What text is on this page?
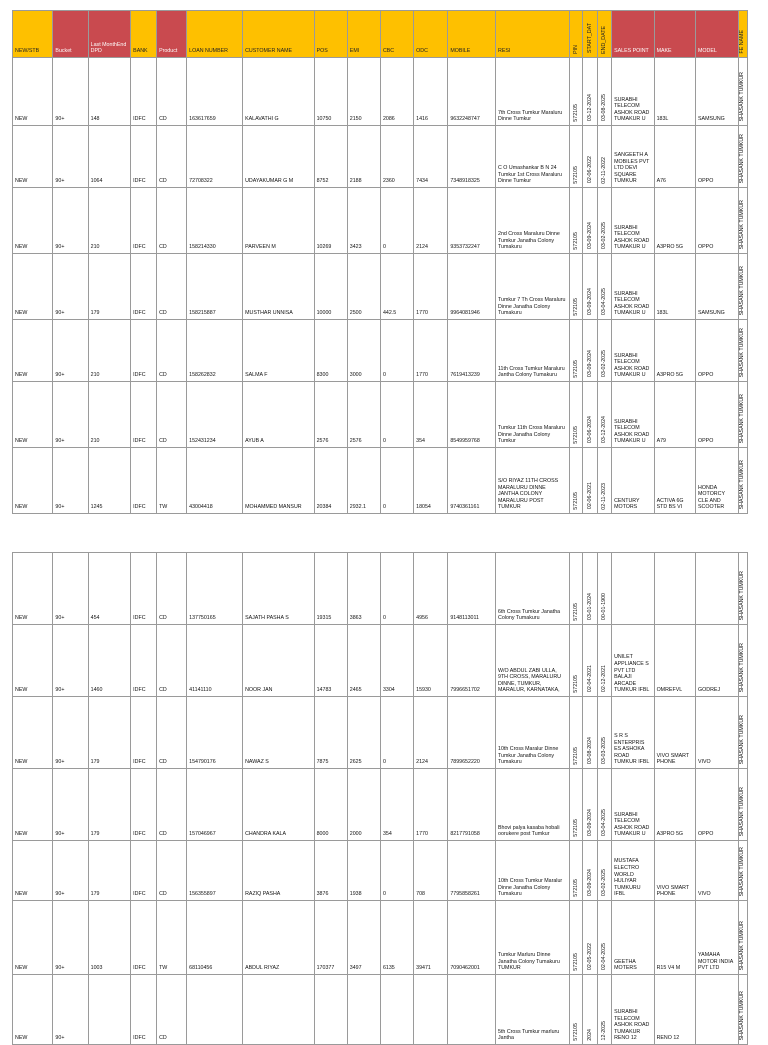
NEW/STB	Bucket	Last MonthEnd DPD	BANK	Product	LOAN NUMBER	CUSTOMER NAME	POS	EMI	CBC	ODC	MOBILE	RESI	PIN	START_DAT	END_DATE	SALES POINT	MAKE	MODEL	FE NAME
NEW	90+	148	IDFC	CD	163617659	KALAVATHI G	10750	2150	2086	1416	9632248747	7th Cross Tumkur Maraluru Dinne Tumkur	572105	03-12-2024	03-08-2025	SURABHI TELECOM ASHOK ROAD TUMAKUR U	183L	SAMSUNG	SHASANK TUMKUR
NEW	90+	1064	IDFC	CD	72708322	UDAYAKUMAR G M	8752	2188	2360	7434	7348918325	C O Umashankar B N 24 Tumkur 1st Cross Maraluru Dinne Tumkur	572105	02-06-2022	02-11-2022	SANGEETH A MOBILES PVT LTD DEVI SQUARE TUMKUR	A76	OPPO	SHASANK TUMKUR
NEW	90+	210	IDFC	CD	158214330	PARVEEN M	10269	3423	0	2124	9353732247	2nd Cross Maraluru Dinne Tumkur Janatha Colony Tumakuru	572105	03-09-2024	03-02-2025	SURABHI TELECOM ASHOK ROAD TUMAKUR U	A3PRO 5G	OPPO	SHASANK TUMKUR
NEW	90+	179	IDFC	CD	158215887	MUSTHAR UNNISA	10000	2500	442.5	1770	9964081946	Tumkur 7 Th Cross Maraluru Dinne Janatha Colony Tumakuru	572105	03-09-2024	03-04-2025	SURABHI TELECOM ASHOK ROAD TUMAKUR U	183L	SAMSUNG	SHASANK TUMKUR
NEW	90+	210	IDFC	CD	158262832	SALMA F	8300	3000	0	1770	7619413239	11th Cross Tumkur Maraluru Jantha Colony Tumakuru	572105	03-09-2024	03-02-2025	SURABHI TELECOM ASHOK ROAD TUMAKUR U	A3PRO 5G	OPPO	SHASANK TUMKUR
NEW	90+	210	IDFC	CD	152431234	AYUB A	2576	2576	0	354	8549959768	Tumkur 11th Cross Maraluru Dinne Janatha Colony Tumkur	572105	03-06-2024	03-12-2024	SURABHI TELECOM ASHOK ROAD TUMAKUR U	A79	OPPO	SHASANK TUMKUR
NEW	90+	1245	IDFC	TW	43004418	MOHAMMED MANSUR	20384	2932.1	0	18054	9740361161	S/O RIYAZ 11TH CROSS MARALURU DINNE JANTHA COLONY MARALURU POST TUMKUR	572105	02-06-2021	02-11-2023	CENTURY MOTORS	ACTIVA 6G STD BS VI	HONDA MOTORCY CLE AND SCOOTER	SHASANK TUMKUR
NEW	90+	454	IDFC	CD	137750165	SAJATH PASHA S	19315	3863	0	4956	9148113011	6th Cross Tumkur Janatha Colony Tumakuru	572105	03-01-2024	00-01-1900				SHASANK TUMKUR
NEW	90+	1460	IDFC	CD	41141110	NOOR JAN	14783	2465	3304	15930	7996651702	W/O ABDUL ZABI ULLA, 9TH CROSS, MARALURU DINNE, TUMKUR, MARALUR, KARNATAKA,	572105	02-04-2021	02-12-2021	UNILET APPLIANCE S PVT LTD BALAJI ARCADE TUMKUR IFBL	OMREFVL	GODREJ	SHASANK TUMKUR
NEW	90+	179	IDFC	CD	154790176	NAWAZ S	7875	2625	0	2124	7899652220	10th Cross Maralur Dinne Tumkur Janatha Colony Tumakuru	572105	03-08-2024	03-03-2025	S R S ENTERPRIS ES ASHOKA ROAD TUMKUR IFBL	VIVO SMART PHONE	VIVO	SHASANK TUMKUR
NEW	90+	179	IDFC	CD	157046967	CHANDRA KALA	8000	2000	354	1770	8217791058	Bhovi palya kasaba hobali oorukere post Tumkur	572105	03-09-2024	03-04-2025	SURABHI TELECOM ASHOK ROAD TUMAKUR U	A3PRO 5G	OPPO	SHASANK TUMKUR
NEW	90+	179	IDFC	CD	156355897	RAZIQ PASHA	3876	1938	0	708	7795858261	10th Cross Tumkur Maralur Dinne Janatha Colony Tumakuru	572105	03-09-2024	03-02-2025	MUSTAFA ELECTRO WORLD HULIYAR TUMKURU IFBL	VIVO SMART PHONE	VIVO	SHASANK TUMKUR
NEW	90+	1003	IDFC	TW	68110456	ABDUL RIYAZ	170377	3497	6135	39471	7090462001	Tumkur Marluru Dinne Janatha Colony Tumakuru TUMKUR	572105	02-05-2022	02-04-2025	GEETHA MOTERS	R15 V4 M	YAMAHA MOTOR INDIA PVT LTD	SHASANK TUMKUR
NEW	90+		IDFC	CD								5th Cross Tumkur marluru Jantha	572105	2024	12-2025	SURABHI TELECOM ASHOK ROAD TUMAKUR RENO 12	RENO 12		SHASANK TUMKUR
